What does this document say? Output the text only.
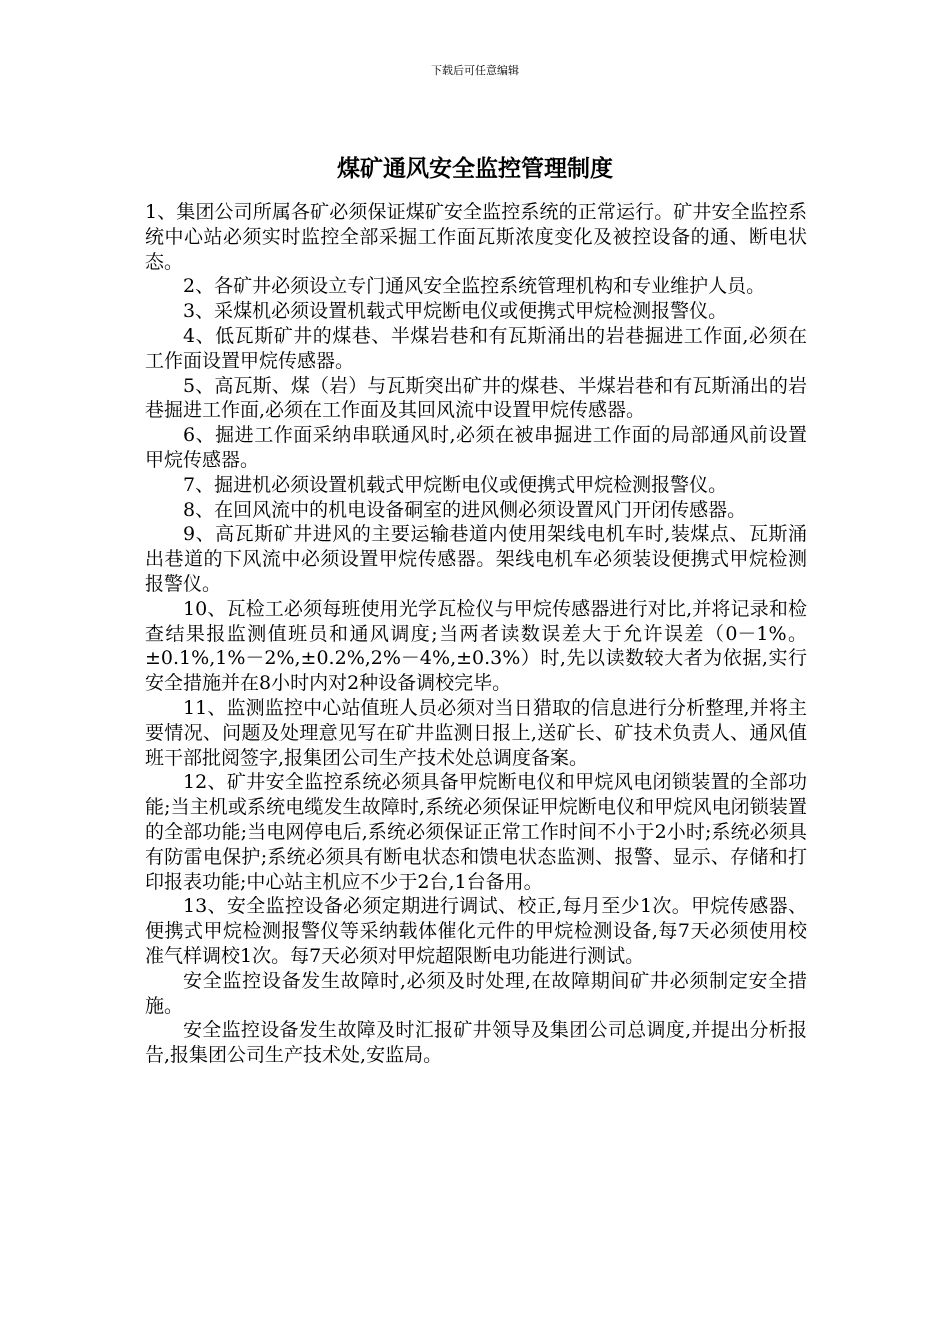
下载后可任意编辑
煤矿通风安全监控管理制度

1、集团公司所属各矿必须保证煤矿安全监控系统的正常运行。矿井安全监控系统中心站必须实时监控全部采掘工作面瓦斯浓度变化及被控设备的通、断电状态。

2、各矿井必须设立专门通风安全监控系统管理机构和专业维护人员。

3、采煤机必须设置机载式甲烷断电仪或便携式甲烷检测报警仪。

4、低瓦斯矿井的煤巷、半煤岩巷和有瓦斯涌出的岩巷掘进工作面,必须在工作面设置甲烷传感器。

5、高瓦斯、煤（岩）与瓦斯突出矿井的煤巷、半煤岩巷和有瓦斯涌出的岩巷掘进工作面,必须在工作面及其回风流中设置甲烷传感器。

6、掘进工作面采纳串联通风时,必须在被串掘进工作面的局部通风前设置甲烷传感器。

7、掘进机必须设置机载式甲烷断电仪或便携式甲烷检测报警仪。

8、在回风流中的机电设备硐室的进风侧必须设置风门开闭传感器。

9、高瓦斯矿井进风的主要运输巷道内使用架线电机车时,装煤点、瓦斯涌出巷道的下风流中必须设置甲烷传感器。架线电机车必须装设便携式甲烷检测报警仪。

10、瓦检工必须每班使用光学瓦检仪与甲烷传感器进行对比,并将记录和检查结果报监测值班员和通风调度;当两者读数误差大于允许误差（0－1%。±0.1%,1%－2%,±0.2%,2%－4%,±0.3%）时,先以读数较大者为依据,实行安全措施并在8小时内对2种设备调校完毕。

11、监测监控中心站值班人员必须对当日猎取的信息进行分析整理,并将主要情况、问题及处理意见写在矿井监测日报上,送矿长、矿技术负责人、通风值班干部批阅签字,报集团公司生产技术处总调度备案。

12、矿井安全监控系统必须具备甲烷断电仪和甲烷风电闭锁装置的全部功能;当主机或系统电缆发生故障时,系统必须保证甲烷断电仪和甲烷风电闭锁装置的全部功能;当电网停电后,系统必须保证正常工作时间不小于2小时;系统必须具有防雷电保护;系统必须具有断电状态和馈电状态监测、报警、显示、存储和打印报表功能;中心站主机应不少于2台,1台备用。

13、安全监控设备必须定期进行调试、校正,每月至少1次。甲烷传感器、便携式甲烷检测报警仪等采纳载体催化元件的甲烷检测设备,每7天必须使用校准气样调校1次。每7天必须对甲烷超限断电功能进行测试。

安全监控设备发生故障时,必须及时处理,在故障期间矿井必须制定安全措施。

安全监控设备发生故障及时汇报矿井领导及集团公司总调度,并提出分析报告,报集团公司生产技术处,安监局。
